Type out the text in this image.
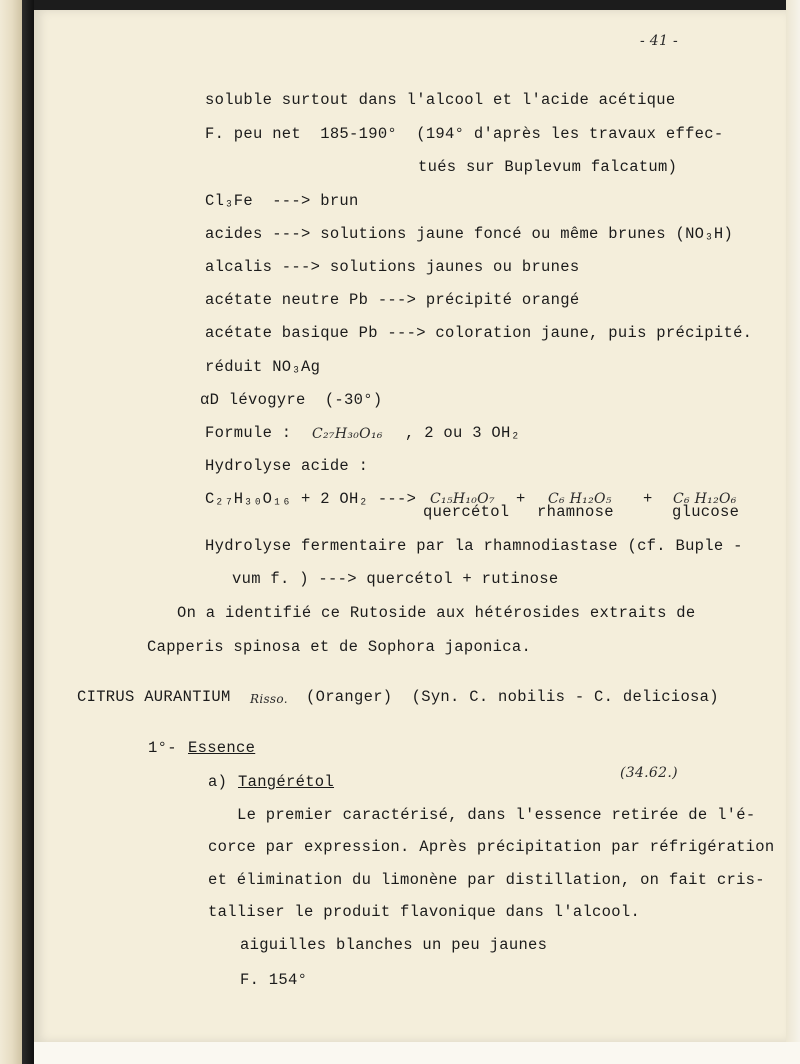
- 41 -
soluble surtout dans l'alcool et l'acide acétique
F. peu net  185-190°  (194° d'après les travaux effec-
tués sur Buplevum falcatum)
Cl₃Fe  ---> brun
acides ---> solutions jaune foncé ou même brunes (NO₃H)
alcalis ---> solutions jaunes ou brunes
acétate neutre Pb ---> précipité orangé
acétate basique Pb ---> coloration jaune, puis précipité.
réduit NO₃Ag
αD lévogyre  (-30°)
Formule : C₂₇H₃₀O₁₆ , 2 ou 3 OH₂
Hydrolyse acide :
C₂₇H₃₀O₁₆ + 2 OH₂ ---> C₁₅H₁₀O₇ + C₆ H₁₂O₅ + C₆ H₁₂O₆
quercétol rhamnose	glucose
Hydrolyse fermentaire par la rhamnodiastase (cf. Buple -
vum f. ) ---> quercétol + rutinose
On a identifié ce Rutoside aux hétérosides extraits de
Capperis spinosa et de Sophora japonica.
CITRUS AURANTIUM Risso. (Oranger)  (Syn. C. nobilis - C. deliciosa)
1°- Essence
a) Tangérétol	(34.62.)
Le premier caractérisé, dans l'essence retirée de l'é-
corce par expression. Après précipitation par réfrigération
et élimination du limonène par distillation, on fait cris-
talliser le produit flavonique dans l'alcool.
aiguilles blanches un peu jaunes
F. 154°
